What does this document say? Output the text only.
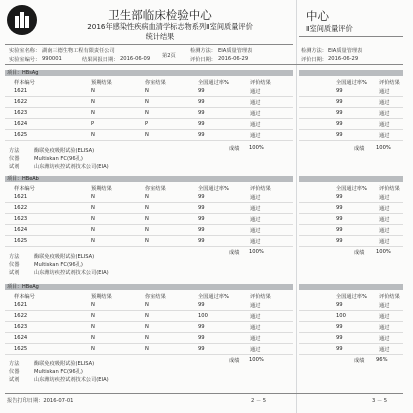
卫生部临床检验中心
2016年感染性疾病血清学标志物系列Ⅱ室间质量评价
统计结果
中心
Ⅱ室间质量评价
实验室名称： 湖南三德生物工程有限责任公司
实验室编号： 990001	结果回报日期： 2016-06-09 第2页
检测方法： EIA质量管理表
评价日期： 2016-06-29
检测方法： EIA质量管理表
评价日期： 2016-06-29
项目：HBsAg
样本编号	预期结果	你室结果	全国通过率%	评价结果	全国通过率% 评价结果
1621	N	N	99	通过
1622	N	N	99	通过
1623	N	N	99	通过
1624	P	P	99	通过
1625	N	N	99	通过
99	通过
99	通过
99	通过
99	通过
99	通过
成绩 100%	成绩 100%
方法	酶联免疫吸附试验(ELISA)
仪器	Multiskan FC(96孔)
试剂	山东潍坊疾控试剂技术公司(EIA)
项目：HBeAb
样本编号	预期结果	你室结果	全国通过率%	评价结果	全国通过率% 评价结果
1621	N	N	99	通过
1622	N	N	99	通过
1623	N	N	99	通过
1624	N	N	99	通过
1625	N	N	99	通过
99	通过
99	通过
99	通过
99	通过
99	通过
成绩 100%	成绩 100%
方法	酶联免疫吸附试验(ELISA)
仪器	Multiskan FC(96孔)
试剂	山东潍坊疾控试剂技术公司(EIA)
项目：HBeAg
样本编号	预期结果	你室结果	全国通过率%	评价结果	全国通过率% 评价结果
1621	N	N	99	通过
1622	N	N	100	通过
1623	N	N	99	通过
1624	N	N	99	通过
1625	N	N	99	通过
99	通过
100	通过
99	通过
99	通过
99	通过
成绩 100%	成绩 96%
方法	酶联免疫吸附试验(ELISA)
仪器	Multiskan FC(96孔)
试剂	山东潍坊疾控试剂技术公司(EIA)
报告打印日期：2016-07-01	2 － 5	3 － 5
